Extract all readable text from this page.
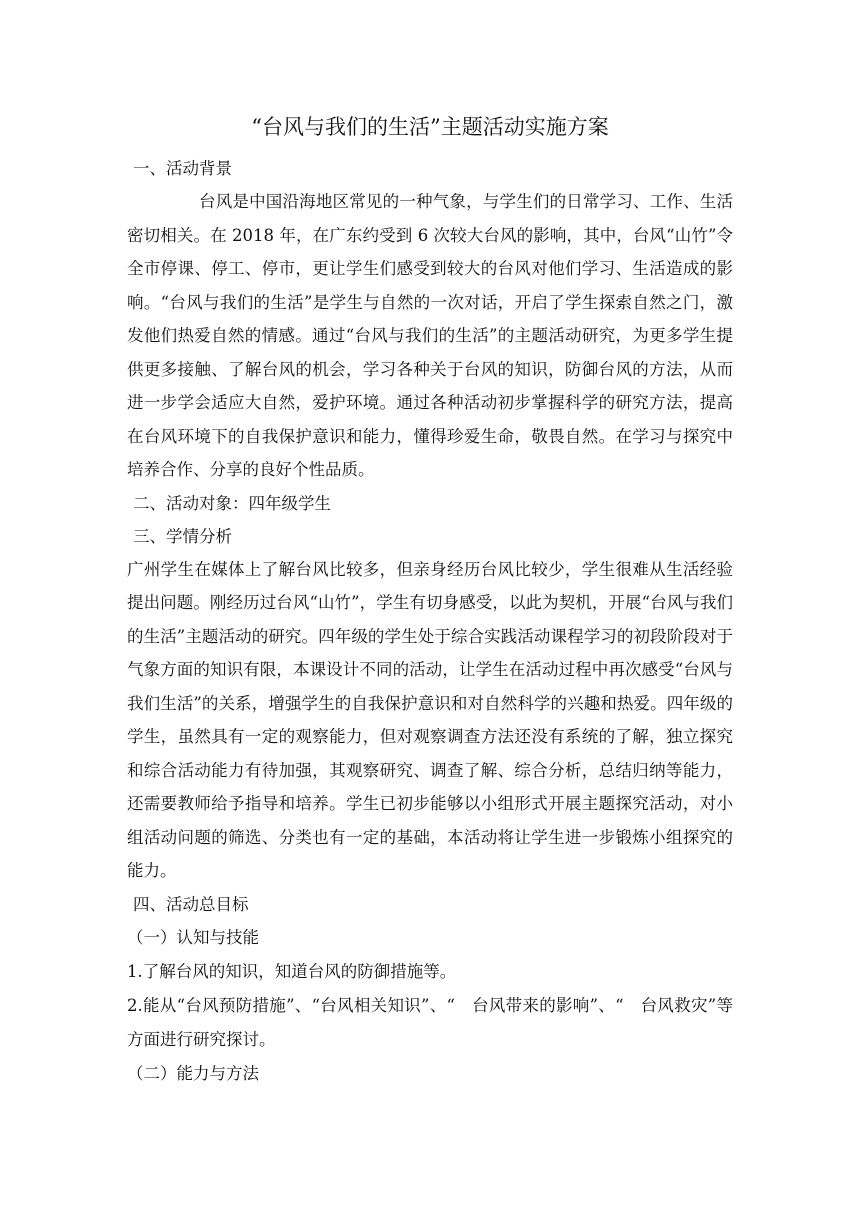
“台风与我们的生活”主题活动实施方案

一、活动背景

台风是中国沿海地区常见的一种气象，与学生们的日常学习、工作、生活密切相关。在 2018 年，在广东约受到 6 次较大台风的影响，其中，台风“山竹”令全市停课、停工、停市，更让学生们感受到较大的台风对他们学习、生活造成的影响。“台风与我们的生活”是学生与自然的一次对话，开启了学生探索自然之门，激发他们热爱自然的情感。通过“台风与我们的生活”的主题活动研究，为更多学生提供更多接触、了解台风的机会，学习各种关于台风的知识，防御台风的方法，从而进一步学会适应大自然，爱护环境。通过各种活动初步掌握科学的研究方法，提高在台风环境下的自我保护意识和能力，懂得珍爱生命，敬畏自然。在学习与探究中培养合作、分享的良好个性品质。

二、活动对象：四年级学生

三、学情分析

广州学生在媒体上了解台风比较多，但亲身经历台风比较少，学生很难从生活经验提出问题。刚经历过台风“山竹”，学生有切身感受，以此为契机，开展“台风与我们的生活”主题活动的研究。四年级的学生处于综合实践活动课程学习的初段阶段对于气象方面的知识有限，本课设计不同的活动，让学生在活动过程中再次感受“台风与我们生活”的关系，增强学生的自我保护意识和对自然科学的兴趣和热爱。四年级的学生，虽然具有一定的观察能力，但对观察调查方法还没有系统的了解，独立探究和综合活动能力有待加强，其观察研究、调查了解、综合分析，总结归纳等能力，还需要教师给予指导和培养。学生已初步能够以小组形式开展主题探究活动，对小组活动问题的筛选、分类也有一定的基础，本活动将让学生进一步锻炼小组探究的能力。

四、活动总目标

（一）认知与技能

1.了解台风的知识，知道台风的防御措施等。

2.能从“台风预防措施”、“台风相关知识”、“　台风带来的影响”、“　台风救灾”等方面进行研究探讨。

（二）能力与方法
